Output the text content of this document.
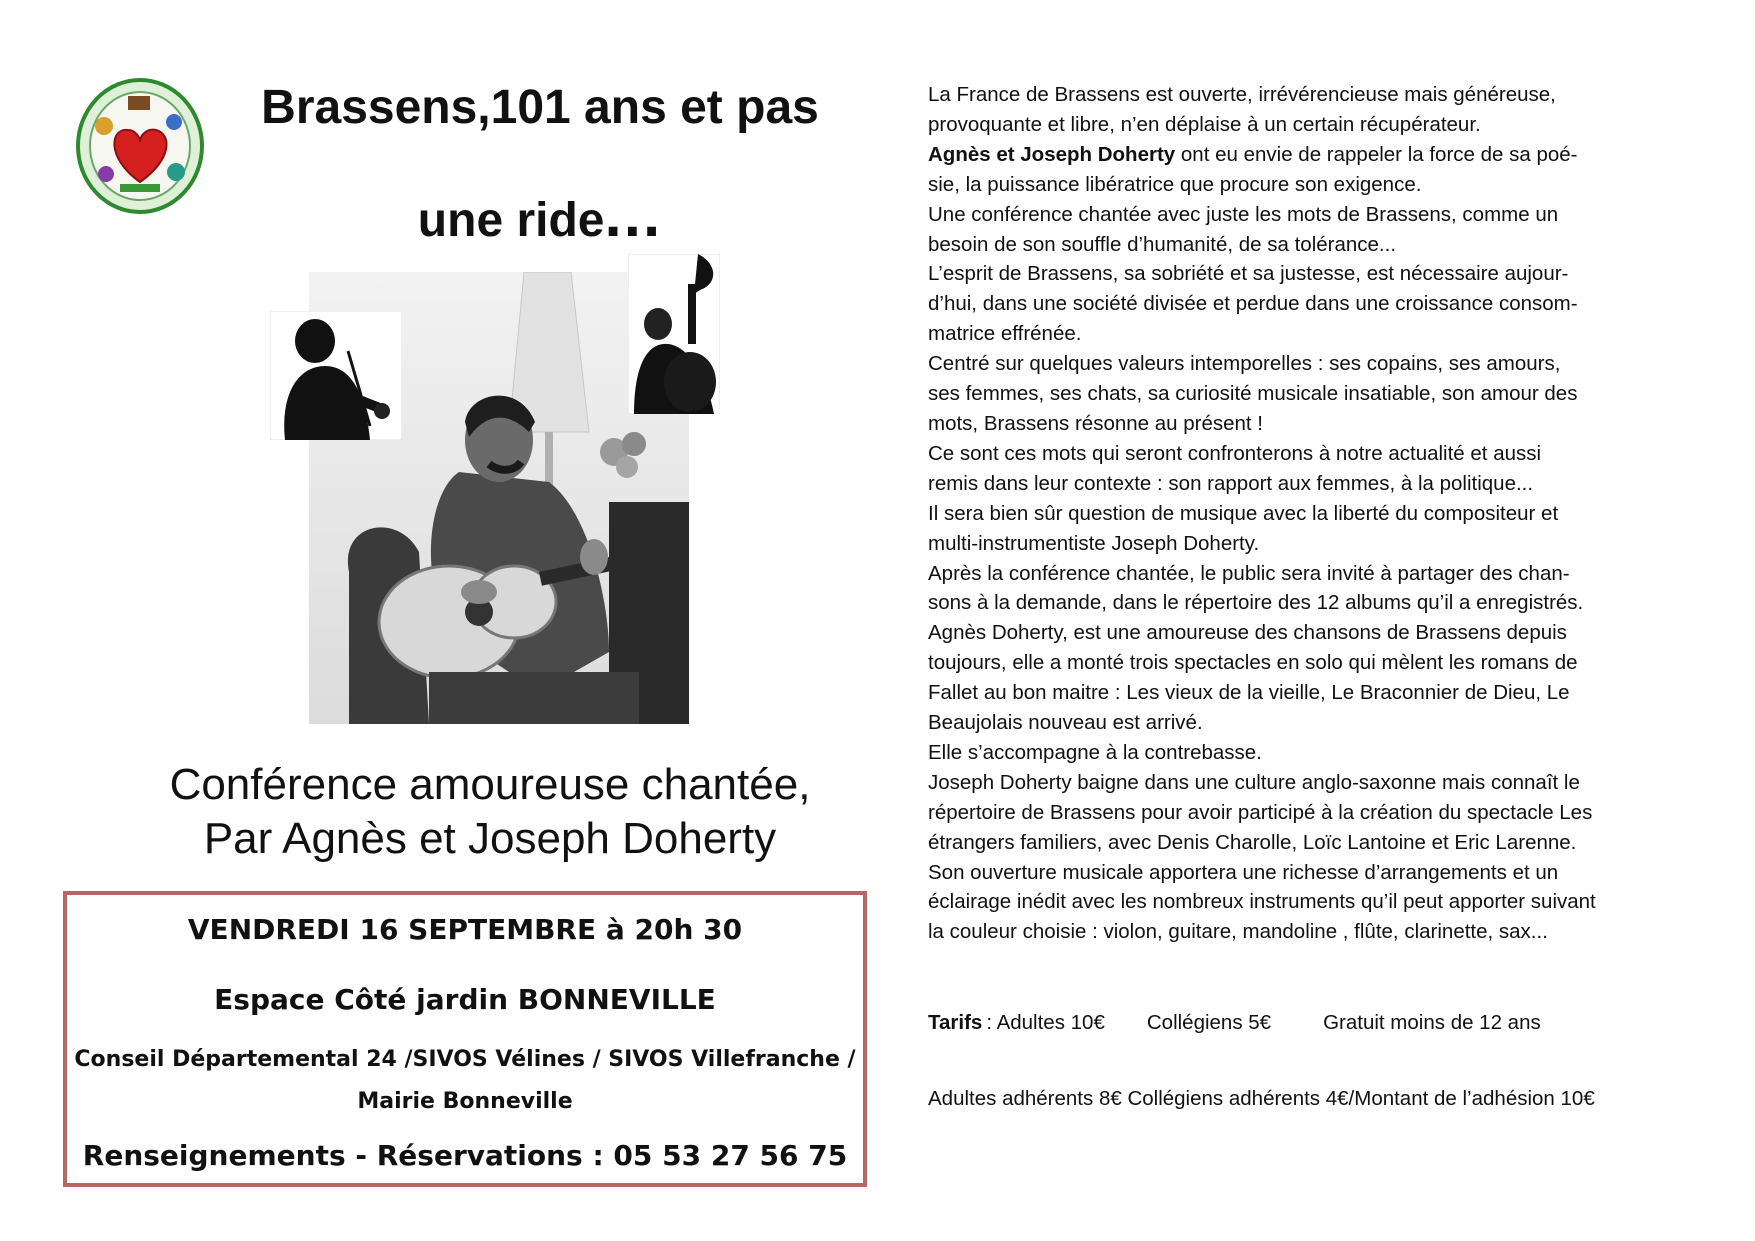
Brassens,101 ans et pas
une ride...
Conférence amoureuse chantée,
Par Agnès et Joseph Doherty
VENDREDI 16 SEPTEMBRE à 20h 30
Espace Côté jardin BONNEVILLE
Conseil Départemental 24 /SIVOS Vélines / SIVOS Villefranche /
Mairie Bonneville
Renseignements - Réservations : 05 53 27 56 75
La France de Brassens est ouverte, irrévérencieuse mais généreuse,
provoquante et libre, n’en déplaise à un certain récupérateur.
Agnès et Joseph Doherty ont eu envie de rappeler la force de sa poé-
sie, la puissance libératrice que procure son exigence.
Une conférence chantée avec juste les mots de Brassens, comme un
besoin de son souffle d’humanité, de sa tolérance...
L’esprit de Brassens, sa sobriété et sa justesse, est nécessaire aujour-
d’hui, dans une société divisée et perdue dans une croissance consom-
matrice effrénée.
Centré sur quelques valeurs intemporelles : ses copains, ses amours,
ses femmes, ses chats, sa curiosité musicale insatiable, son amour des
mots, Brassens résonne au présent !
Ce sont ces mots qui seront confronterons à notre actualité et aussi
remis dans leur contexte : son rapport aux femmes, à la politique...
Il sera bien sûr question de musique avec la liberté du compositeur et
multi-instrumentiste Joseph Doherty.
Après la conférence chantée, le public sera invité à partager des chan-
sons à la demande, dans le répertoire des 12 albums qu’il a enregistrés.
Agnès Doherty, est une amoureuse des chansons de Brassens depuis
toujours, elle a monté trois spectacles en solo qui mèlent les romans de
Fallet au bon maitre : Les vieux de la vieille, Le Braconnier de Dieu, Le
Beaujolais nouveau est arrivé.
Elle s’accompagne à la contrebasse.
Joseph Doherty baigne dans une culture anglo-saxonne mais connaît le
répertoire de Brassens pour avoir participé à la création du spectacle Les
étrangers familiers, avec Denis Charolle, Loïc Lantoine et Eric Larenne.
Son ouverture musicale apportera une richesse d’arrangements et un
éclairage inédit avec les nombreux instruments qu’il peut apporter suivant
la couleur choisie : violon, guitare, mandoline , flûte, clarinette, sax...
Tarifs : Adultes 10€ Collégiens 5€	Gratuit moins de 12 ans
Adultes adhérents 8€ Collégiens adhérents 4€/Montant de l’adhésion 10€
